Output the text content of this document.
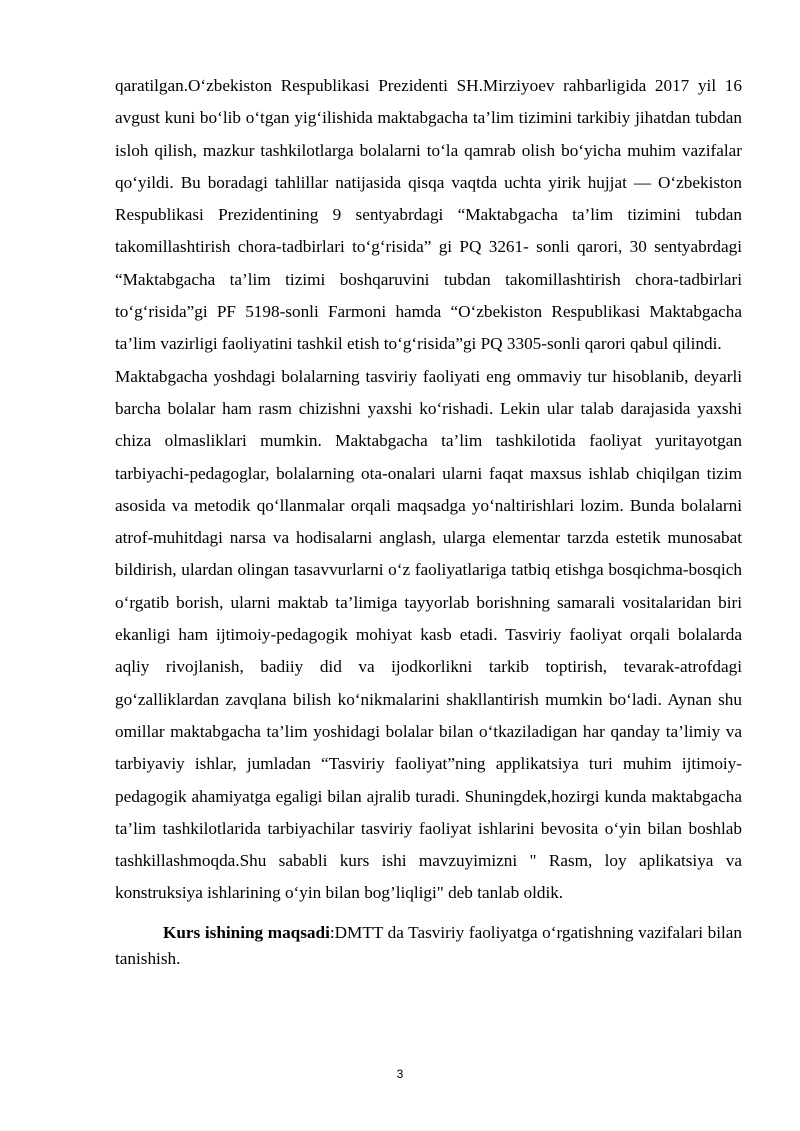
qaratilgan.O‘zbekiston Respublikasi Prezidenti SH.Mirziyoev rahbarligida 2017 yil 16 avgust kuni bo‘lib o‘tgan yig‘ilishida maktabgacha ta’lim tizimini tarkibiy jihatdan tubdan isloh qilish, mazkur tashkilotlarga bolalarni to‘la qamrab olish bo‘yicha muhim vazifalar qo‘yildi. Bu boradagi tahlillar natijasida qisqa vaqtda uchta yirik hujjat — O‘zbekiston Respublikasi Prezidentining 9 sentyabrdagi “Maktabgacha ta’lim tizimini tubdan takomillashtirish chora-tadbirlari to‘g‘risida” gi PQ 3261- sonli qarori, 30 sentyabrdagi “Maktabgacha ta’lim tizimi boshqaruvini tubdan takomillashtirish chora-tadbirlari to‘g‘risida”gi PF 5198-sonli Farmoni hamda “O‘zbekiston Respublikasi Maktabgacha ta’lim vazirligi faoliyatini tashkil etish to‘g‘risida”gi PQ 3305-sonli qarori qabul qilindi.

Maktabgacha yoshdagi bolalarning tasviriy faoliyati eng ommaviy tur hisoblanib, deyarli barcha bolalar ham rasm chizishni yaxshi ko‘rishadi. Lekin ular talab darajasida yaxshi chiza olmasliklari mumkin. Maktabgacha ta’lim tashkilotida faoliyat yuritayotgan tarbiyachi-pedagoglar, bolalarning ota-onalari ularni faqat maxsus ishlab chiqilgan tizim asosida va metodik qo‘llanmalar orqali maqsadga yo‘naltirishlari lozim. Bunda bolalarni atrof-muhitdagi narsa va hodisalarni anglash, ularga elementar tarzda estetik munosabat bildirish, ulardan olingan tasavvurlarni o‘z faoliyatlariga tatbiq etishga bosqichma-bosqich o‘rgatib borish, ularni maktab ta’limiga tayyorlab borishning samarali vositalaridan biri ekanligi ham ijtimoiy-pedagogik mohiyat kasb etadi. Tasviriy faoliyat orqali bolalarda aqliy rivojlanish, badiiy did va ijodkorlikni tarkib toptirish, tevarak-atrofdagi go‘zalliklardan zavqlana bilish ko‘nikmalarini shakllantirish mumkin bo‘ladi. Aynan shu omillar maktabgacha ta’lim yoshidagi bolalar bilan o‘tkaziladigan har qanday ta’limiy va tarbiyaviy ishlar, jumladan “Tasviriy faoliyat”ning applikatsiya turi muhim ijtimoiy-pedagogik ahamiyatga egaligi bilan ajralib turadi. Shuningdek,hozirgi kunda maktabgacha ta’lim tashkilotlarida tarbiyachilar tasviriy faoliyat ishlarini bevosita o‘yin bilan boshlab tashkillashmoqda.Shu sababli kurs ishi mavzuyimizni " Rasm, loy aplikatsiya va konstruksiya ishlarining o‘yin bilan bog’liqligi" deb tanlab oldik.

Kurs ishining maqsadi:DMTT da Tasviriy faoliyatga o‘rgatishning vazifalari bilan tanishish.

3
